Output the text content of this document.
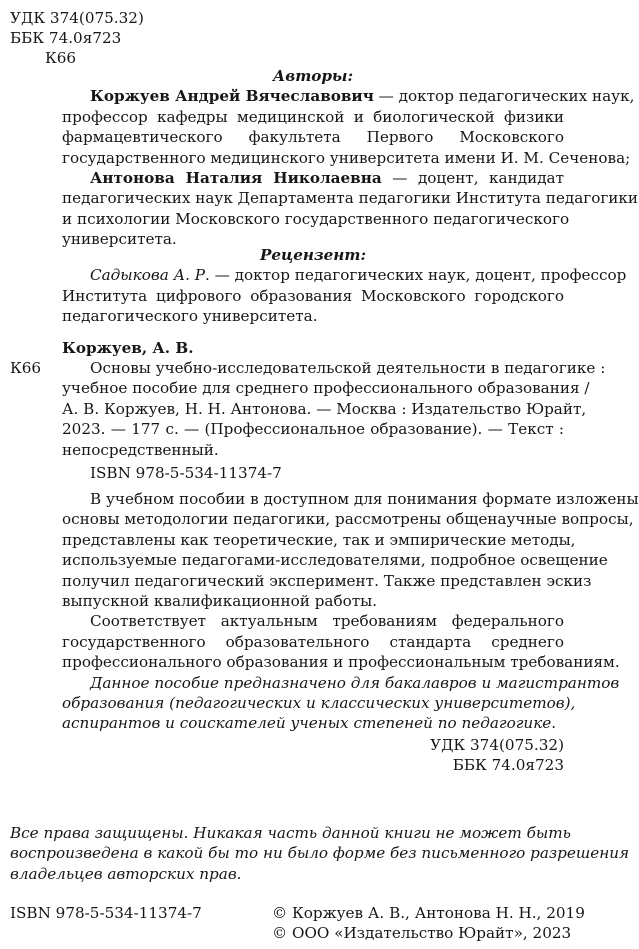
УДК 374(075.32)
ББК 74.0я723
К66
Авторы:
Коржуев Андрей Вячеславович — доктор педагогических наук,
профессор кафедры медицинской и биологической физики
фармацевтического факультета Первого Московского
государственного медицинского университета имени И. М. Сеченова;
Антонова Наталия Николаевна — доцент, кандидат
педагогических наук Департамента педагогики Института педагогики
и психологии Московского государственного педагогического
университета.
Рецензент:
Садыкова А. Р. — доктор педагогических наук, доцент, профессор
Института цифрового образования Московского городского
педагогического университета.
Коржуев, А. В.
К66	Основы учебно-исследовательской деятельности в педагогике :
учебное пособие для среднего профессионального образования /
А. В. Коржуев, Н. Н. Антонова. — Москва : Издательство Юрайт,
2023. — 177 с. — (Профессиональное образование). — Текст :
непосредственный.
ISBN 978-5-534-11374-7
В учебном пособии в доступном для понимания формате изложены
основы методологии педагогики, рассмотрены общенаучные вопросы,
представлены как теоретические, так и эмпирические методы,
используемые педагогами-исследователями, подробное освещение
получил педагогический эксперимент. Также представлен эскиз
выпускной квалификационной работы.
Соответствует актуальным требованиям федерального
государственного образовательного стандарта среднего
профессионального образования и профессиональным требованиям.
Данное пособие предназначено для бакалавров и магистрантов
образования (педагогических и классических университетов),
аспирантов и соискателей ученых степеней по педагогике.
УДК 374(075.32)
ББК 74.0я723
Все права защищены. Никакая часть данной книги не может быть
воспроизведена в какой бы то ни было форме без письменного разрешения
владельцев авторских прав.
ISBN 978-5-534-11374-7	© Коржуев А. В., Антонова Н. Н., 2019
© ООО «Издательство Юрайт», 2023
